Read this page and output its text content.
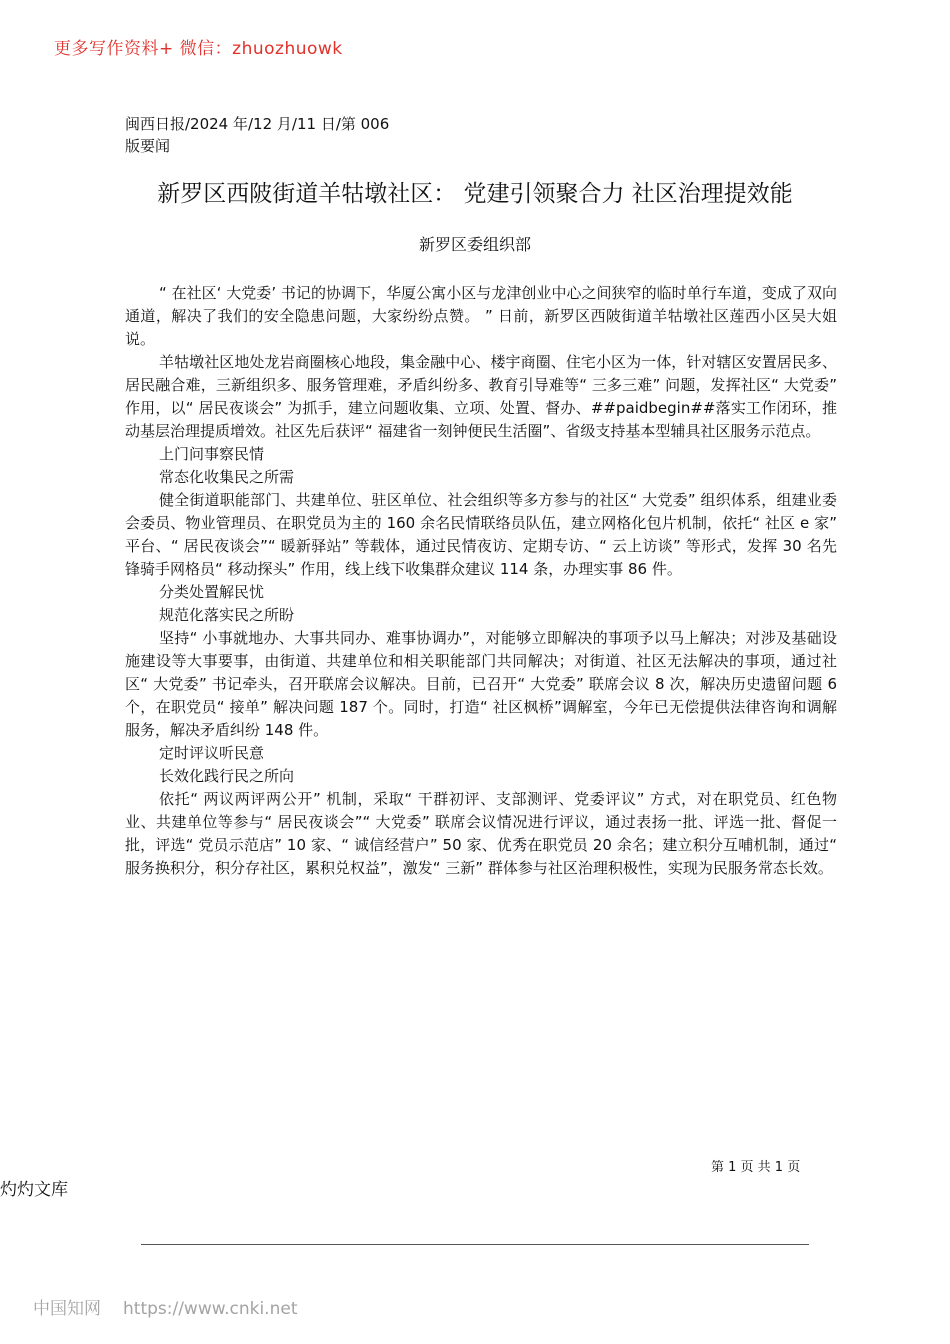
更多写作资料+ 微信：zhuozhuowk
闽西日报/2024 年/12 月/11 日/第 006
版要闻
新罗区西陂街道羊牯墩社区： 党建引领聚合力 社区治理提效能
新罗区委组织部

“ 在社区‘ 大党委’ 书记的协调下，华厦公寓小区与龙津创业中心之间狭窄的临时单行车道，变成了双向通道，解决了我们的安全隐患问题，大家纷纷点赞。 ” 日前，新罗区西陂街道羊牯墩社区莲西小区吴大姐说。

羊牯墩社区地处龙岩商圈核心地段，集金融中心、楼宇商圈、住宅小区为一体，针对辖区安置居民多、居民融合难，三新组织多、服务管理难，矛盾纠纷多、教育引导难等“ 三多三难” 问题，发挥社区“ 大党委” 作用，以“ 居民夜谈会” 为抓手，建立问题收集、立项、处置、督办、##paidbegin##落实工作闭环，推动基层治理提质增效。社区先后获评“ 福建省一刻钟便民生活圈”、省级支持基本型辅具社区服务示范点。

上门问事察民情

常态化收集民之所需

健全街道职能部门、共建单位、驻区单位、社会组织等多方参与的社区“ 大党委” 组织体系，组建业委会委员、物业管理员、在职党员为主的 160 余名民情联络员队伍，建立网格化包片机制，依托“ 社区 e 家” 平台、“ 居民夜谈会”“ 暖新驿站” 等载体，通过民情夜访、定期专访、“ 云上访谈” 等形式，发挥 30 名先锋骑手网格员“ 移动探头” 作用，线上线下收集群众建议 114 条，办理实事 86 件。

分类处置解民忧

规范化落实民之所盼

坚持“ 小事就地办、大事共同办、难事协调办”，对能够立即解决的事项予以马上解决；对涉及基础设施建设等大事要事，由街道、共建单位和相关职能部门共同解决；对街道、社区无法解决的事项，通过社区“ 大党委” 书记牵头，召开联席会议解决。目前，已召开“ 大党委” 联席会议 8 次，解决历史遗留问题 6 个，在职党员“ 接单” 解决问题 187 个。同时，打造“ 社区枫桥”调解室，今年已无偿提供法律咨询和调解服务，解决矛盾纠纷 148 件。

定时评议听民意

长效化践行民之所向

依托“ 两议两评两公开” 机制，采取“ 干群初评、支部测评、党委评议” 方式，对在职党员、红色物业、共建单位等参与“ 居民夜谈会”“ 大党委” 联席会议情况进行评议，通过表扬一批、评选一批、督促一批，评选“ 党员示范店” 10 家、“ 诚信经营户” 50 家、优秀在职党员 20 余名；建立积分互哺机制，通过“ 服务换积分，积分存社区，累积兑权益”，激发“ 三新” 群体参与社区治理积极性，实现为民服务常态长效。

第 1 页 共 1 页
灼灼文库
中国知网 https://www.cnki.net
